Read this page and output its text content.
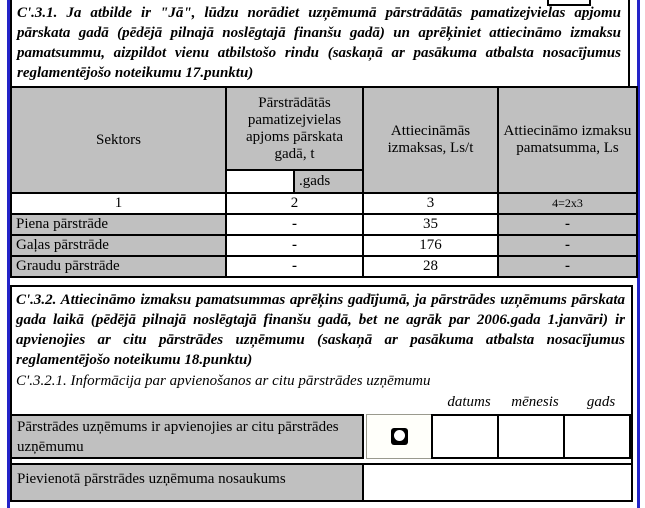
C'.3.1. Ja atbilde ir "Jā", lūdzu norādiet uzņēmumā pārstrādātās pamatizejvielas apjomu pārskata gadā (pēdējā pilnajā noslēgtajā finanšu gadā) un aprēķiniet attiecināmo izmaksu pamatsummu, aizpildot vienu atbilstošo rindu (saskaņā ar pasākuma atbalsta nosacījumus reglamentējošo noteikumu 17.punktu)
Sektors	Pārstrādātās pamatizejvielas apjoms pārskata gadā, t	Attiecināmās izmaksas, Ls/t	Attiecināmo izmaksu pamatsumma, Ls

.gads		

1	2	3	4=2x3
Piena pārstrāde	-	35	-
Gaļas pārstrāde	-	176	-
Graudu pārstrāde	-	28	-
C'.3.2. Attiecināmo izmaksu pamatsummas aprēķins gadījumā, ja pārstrādes uzņēmums pārskata gada laikā (pēdējā pilnajā noslēgtajā finanšu gadā, bet ne agrāk par 2006.gada 1.janvāri) ir apvienojies ar citu pārstrādes uzņēmumu (saskaņā ar pasākuma atbalsta nosacījumus reglamentējošo noteikumu 18.punktu)
C'.3.2.1. Informācija par apvienošanos ar citu pārstrādes uzņēmumu
datums	mēnesis	gads
Pārstrādes uzņēmums ir apvienojies ar citu pārstrādes uzņēmumu
Pievienotā pārstrādes uzņēmuma nosaukums
